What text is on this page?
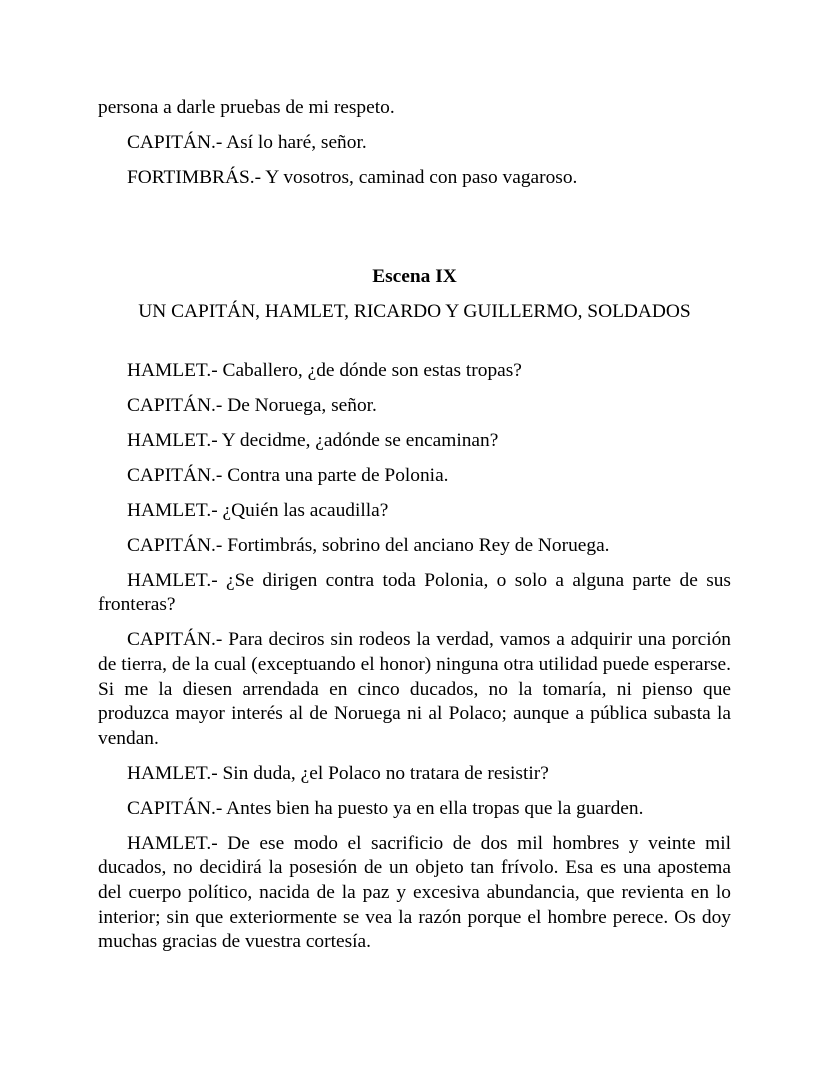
persona a darle pruebas de mi respeto.

CAPITÁN.- Así lo haré, señor.

FORTIMBRÁS.- Y vosotros, caminad con paso vagaroso.

Escena IX

UN CAPITÁN, HAMLET, RICARDO Y GUILLERMO, SOLDADOS

HAMLET.- Caballero, ¿de dónde son estas tropas?

CAPITÁN.- De Noruega, señor.

HAMLET.- Y decidme, ¿adónde se encaminan?

CAPITÁN.- Contra una parte de Polonia.

HAMLET.- ¿Quién las acaudilla?

CAPITÁN.- Fortimbrás, sobrino del anciano Rey de Noruega.

HAMLET.- ¿Se dirigen contra toda Polonia, o solo a alguna parte de sus fronteras?

CAPITÁN.- Para deciros sin rodeos la verdad, vamos a adquirir una porción de tierra, de la cual (exceptuando el honor) ninguna otra utilidad puede esperarse. Si me la diesen arrendada en cinco ducados, no la tomaría, ni pienso que produzca mayor interés al de Noruega ni al Polaco; aunque a pública subasta la vendan.

HAMLET.- Sin duda, ¿el Polaco no tratara de resistir?

CAPITÁN.- Antes bien ha puesto ya en ella tropas que la guarden.

HAMLET.- De ese modo el sacrificio de dos mil hombres y veinte mil ducados, no decidirá la posesión de un objeto tan frívolo. Esa es una apostema del cuerpo político, nacida de la paz y excesiva abundancia, que revienta en lo interior; sin que exteriormente se vea la razón porque el hombre perece. Os doy muchas gracias de vuestra cortesía.
